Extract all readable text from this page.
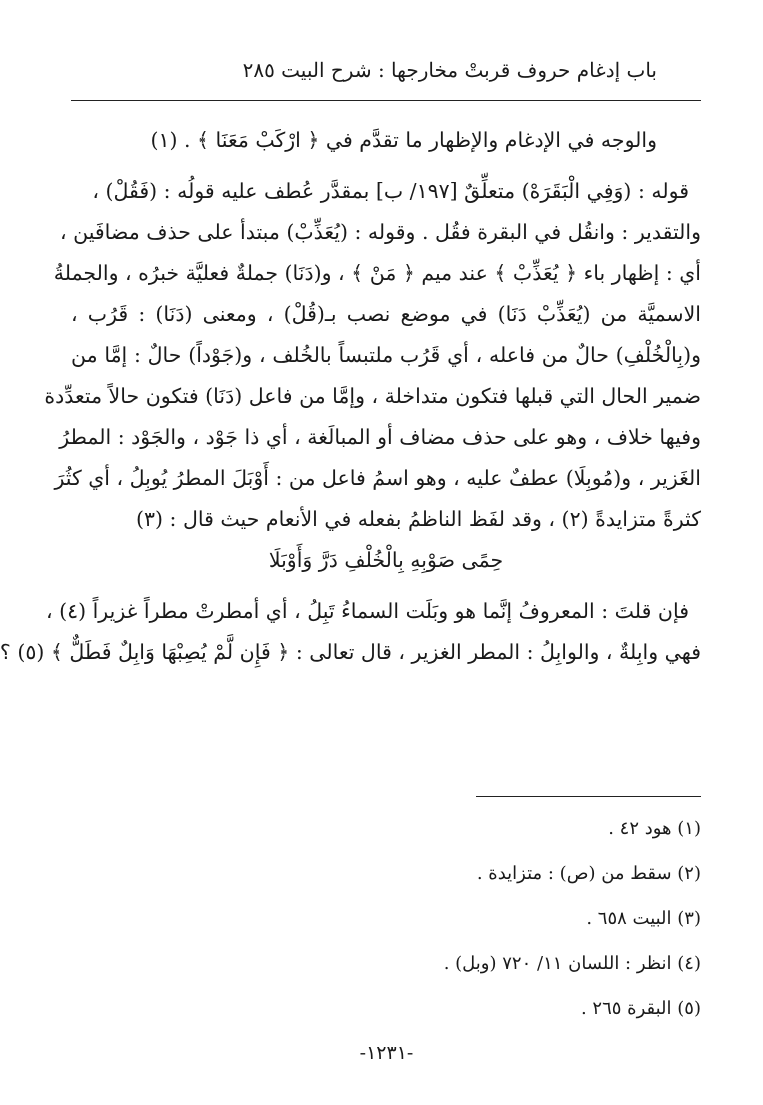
باب إدغام حروف قربتْ مخارجها : شرح البيت ٢٨٥
والوجه في الإدغام والإظهار ما تقدَّم في ﴿ ارْكَبْ مَعَنَا ﴾ . (١)
قوله : (وَفِي الْبَقَرَهْ) متعلِّقٌ [١٩٧/ ب] بمقدَّر عُطف عليه قولُه : (فَقُلْ) ،
والتقدير : وانقُل في البقرة فقُل . وقوله : (يُعَذِّبْ) مبتدأ على حذف مضافَين ،
أي : إظهار باء ﴿ يُعَذِّبْ ﴾ عند ميم ﴿ مَنْ ﴾ ، و(دَنَا) جملةٌ فعليَّة خبرُه ، والجملةُ
الاسميَّة من (يُعَذِّبْ دَنَا) في موضع نصب بـ(قُلْ) ، ومعنى (دَنَا) : قَرُب ،
و(بِالْخُلْفِ) حالٌ من فاعله ، أي قَرُب ملتبساً بالخُلف ، و(جَوْداً) حالٌ : إمَّا من
ضمير الحال التي قبلها فتكون متداخلة ، وإمَّا من فاعل (دَنَا) فتكون حالاً متعدِّدة
وفيها خلاف ، وهو على حذف مضاف أو المبالَغة ، أي ذا جَوْد ، والجَوْد : المطرُ
الغَزير ، و(مُوبِلَا) عطفٌ عليه ، وهو اسمُ فاعل من : أَوْبَلَ المطرُ يُوبِلُ ، أي كثُرَ
كثرةً متزايدةً (٢) ، وقد لفَظ الناظمُ بفعله في الأنعام حيث قال : (٣)
حِمًى صَوْبِهِ بِالْخُلْفِ دَرَّ وَأَوْبَلَا
فإن قلتَ : المعروفُ إنَّما هو وبَلَت السماءُ تَبِلُ ، أي أمطرتْ مطراً غزيراً (٤) ،
فهي وابِلةٌ ، والوابِلُ : المطر الغزير ، قال تعالى : ﴿ فَإِن لَّمْ يُصِبْهَا وَابِلٌ فَطَلٌّ ﴾ (٥) ؟
(١) هود ٤٢ .
(٢) سقط من (ص) : متزايدة .
(٣) البيت ٦٥٨ .
(٤) انظر : اللسان ١١/ ٧٢٠ (وبل) .
(٥) البقرة ٢٦٥ .
-١٢٣١-
